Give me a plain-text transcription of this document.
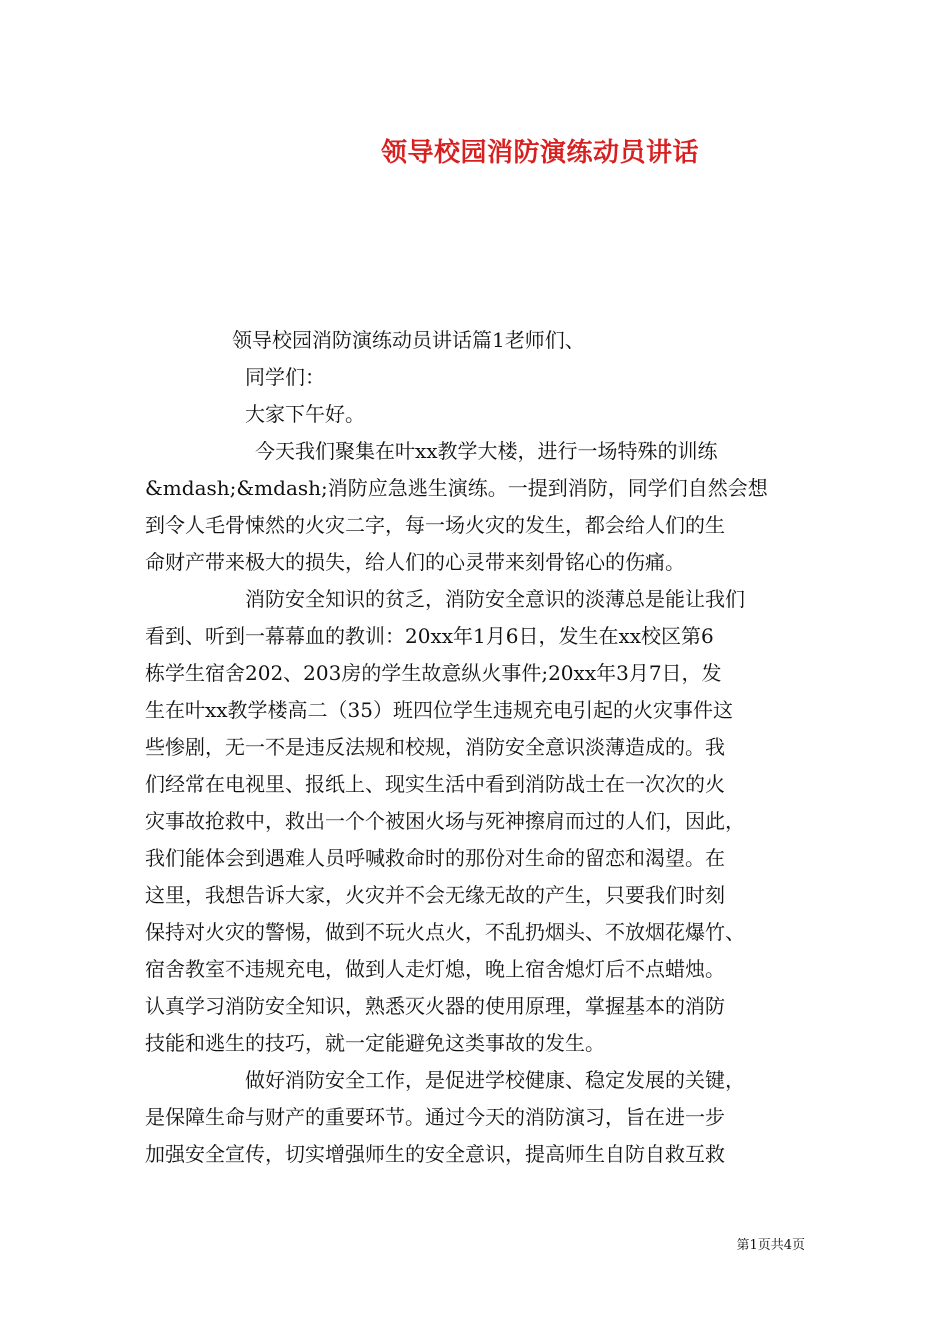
领导校园消防演练动员讲话
领导校园消防演练动员讲话篇1老师们、
同学们：
大家下午好。
今天我们聚集在叶xx教学大楼，进行一场特殊的训练
&mdash;&mdash;消防应急逃生演练。一提到消防，同学们自然会想
到令人毛骨悚然的火灾二字，每一场火灾的发生，都会给人们的生
命财产带来极大的损失，给人们的心灵带来刻骨铭心的伤痛。
消防安全知识的贫乏，消防安全意识的淡薄总是能让我们
看到、听到一幕幕血的教训：20xx年1月6日，发生在xx校区第6
栋学生宿舍202、203房的学生故意纵火事件;20xx年3月7日，发
生在叶xx教学楼高二（35）班四位学生违规充电引起的火灾事件这
些惨剧，无一不是违反法规和校规，消防安全意识淡薄造成的。我
们经常在电视里、报纸上、现实生活中看到消防战士在一次次的火
灾事故抢救中，救出一个个被困火场与死神擦肩而过的人们，因此，
我们能体会到遇难人员呼喊救命时的那份对生命的留恋和渴望。在
这里，我想告诉大家，火灾并不会无缘无故的产生，只要我们时刻
保持对火灾的警惕，做到不玩火点火，不乱扔烟头、不放烟花爆竹、
宿舍教室不违规充电，做到人走灯熄，晚上宿舍熄灯后不点蜡烛。
认真学习消防安全知识，熟悉灭火器的使用原理，掌握基本的消防
技能和逃生的技巧，就一定能避免这类事故的发生。
做好消防安全工作，是促进学校健康、稳定发展的关键，
是保障生命与财产的重要环节。通过今天的消防演习，旨在进一步
加强安全宣传，切实增强师生的安全意识，提高师生自防自救互救
第1页共4页
